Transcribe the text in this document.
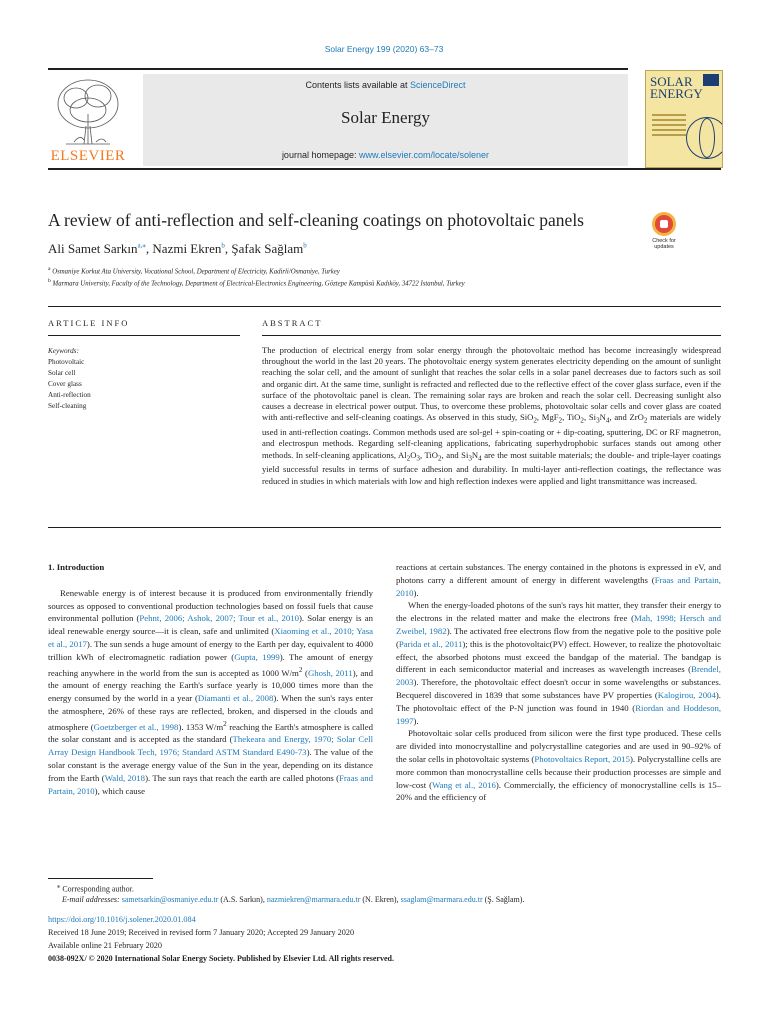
Solar Energy 199 (2020) 63–73
ELSEVIER
Contents lists available at ScienceDirect
Solar Energy
journal homepage: www.elsevier.com/locate/solener
SOLAR
ENERGY
A review of anti-reflection and self-cleaning coatings on photovoltaic panels
Check for
updates
Ali Samet Sarkın$^{a,⁎}$, Nazmi Ekren$^b$, Şafak Sağlam$^b$
$^a$ Osmaniye Korkut Ata University, Vocational School, Department of Electricity, Kadirli/Osmaniye, Turkey
$^b$ Marmara University, Faculty of the Technology, Department of Electrical-Electronics Engineering, Göztepe Kampüsü Kadıköy, 34722 Istanbul, Turkey
ARTICLE INFO	ABSTRACT
Keywords:
Photovoltaic
Solar cell
Cover glass
Anti-reflection
Self-cleaning

The production of electrical energy from solar energy through the photovoltaic method has become increasingly widespread throughout the world in the last 20 years. The photovoltaic energy system generates electricity depending on the amount of sunlight reaching the solar cell, and the amount of sunlight that reaches the solar cells in a solar panel decreases due to factors such as soil and organic dirt. At the same time, sunlight is refracted and reflected due to the reflective effect of the cover glass surface, even if the surface of the photovoltaic panel is clean. The remaining solar rays are broken and reach the solar cell. Decreasing sunlight also causes a decrease in electrical power output. Thus, to overcome these problems, photovoltaic solar cells and cover glass are coated with anti-reflective and self-cleaning coatings. As observed in this study, SiO$_2$, MgF$_2$, TiO$_2$, $Si_3N_4$, and ZrO$_2$ materials are widely used in anti-reflection coatings. Common methods used are sol-gel + spin-coating or + dip-coating, sputtering, DC or RF magnetron, and electrospun methods. Regarding self-cleaning applications, fabricating superhydrophobic surfaces stands out among other methods. In self-cleaning applications, $Al_2O_3$, TiO$_2$, and $Si_3N_4$ are the most suitable materials; the double- and triple-layer coatings yield successful results in terms of surface adhesion and durability. In multi-layer anti-reflection coatings, the reflectance was reduced in studies in which materials with low and high reflection indexes were applied and light transmittance was increased.

1. Introduction

Renewable energy is of interest because it is produced from environmentally friendly sources as opposed to conventional production technologies based on fossil fuels that cause environmental pollution (Pehnt, 2006; Ashok, 2007; Tour et al., 2010). Solar energy is an ideal renewable energy source—it is clean, safe and unlimited (Xiaoming et al., 2010; Yasa et al., 2017). The sun sends a huge amount of energy to the Earth per day, equivalent to 4000 trillion kWh of electromagnetic radiation power (Gupta, 1999). The amount of energy reaching anywhere in the world from the sun is accepted as 1000 $W/m^2$ (Ghosh, 2011), and the amount of energy reaching the Earth's surface yearly is 10,000 times more than the energy consumed by the world in a year (Diamanti et al., 2008). When the sun's rays enter the atmosphere, 26% of these rays are reflected, broken, and dispersed in the clouds and atmosphere (Goetzberger et al., 1998). 1353 $W/m^2$ reaching the Earth's atmosphere is called the solar constant and is accepted as the standard (Thekeara and Energy, 1970; Solar Cell Array Design Handbook Tech, 1976; Standard ASTM Standard E490-73). The value of the solar constant is the average energy value of the Sun in the year, depending on its distance from the Earth (Wald, 2018). The sun rays that reach the earth are called photons (Fraas and Partain, 2010), which cause

reactions at certain substances. The energy contained in the photons is expressed in eV, and photons carry a different amount of energy in different wavelengths (Fraas and Partain, 2010).

When the energy-loaded photons of the sun's rays hit matter, they transfer their energy to the electrons in the related matter and make the electrons free (Mah, 1998; Hersch and Zweibel, 1982). The activated free electrons flow from the negative pole to the positive pole (Parida et al., 2011); this is the photovoltaic(PV) effect. However, to realize the photovoltaic effect, the absorbed photons must exceed the bandgap of the material. The bandgap is different in each semiconductor material and increases as wavelength increases (Brendel, 2003). Therefore, the photovoltaic effect doesn't occur in some wavelengths or substances. Becquerel discovered in 1839 that some substances have PV properties (Kalogirou, 2004). The photovoltaic effect of the P-N junction was found in 1940 (Riordan and Hoddeson, 1997).

Photovoltaic solar cells produced from silicon were the first type produced. These cells are divided into monocrystalline and polycrystalline categories and are used in 90–92% of the solar cells in photovoltaic systems (Photovoltaics Report, 2015). Polycrystalline cells are more common than monocrystalline cells because their production processes are simple and low-cost (Wang et al., 2016). Commercially, the efficiency of monocrystalline cells is 15–20% and the efficiency of

⁎ Corresponding author.
E-mail addresses: sametsarkin@osmaniye.edu.tr (A.S. Sarkın), nazmiekren@marmara.edu.tr (N. Ekren), ssaglam@marmara.edu.tr (Ş. Sağlam).
https://doi.org/10.1016/j.solener.2020.01.084
Received 18 June 2019; Received in revised form 7 January 2020; Accepted 29 January 2020
Available online 21 February 2020
0038-092X/ © 2020 International Solar Energy Society. Published by Elsevier Ltd. All rights reserved.
